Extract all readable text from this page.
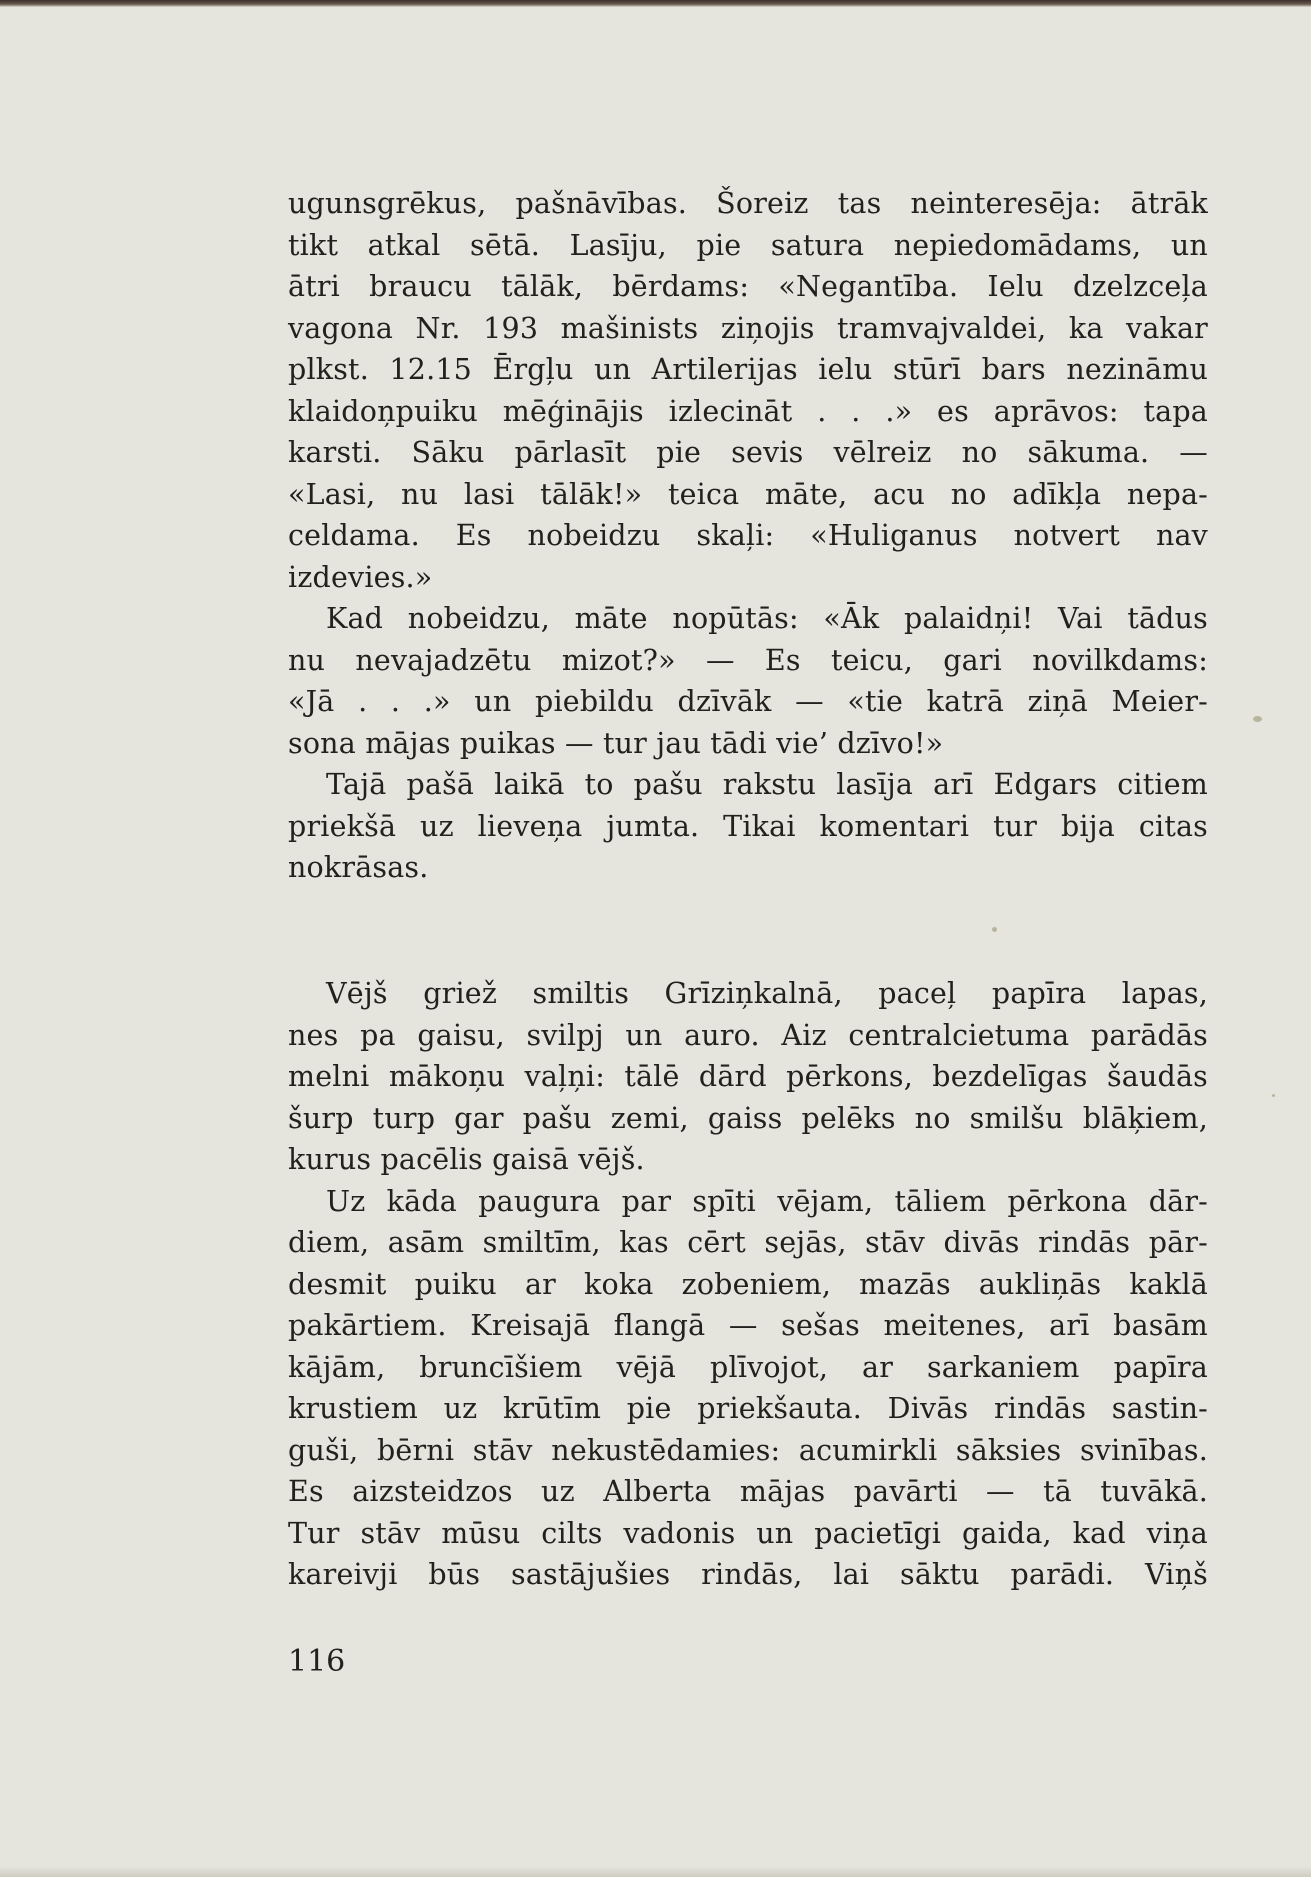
ugunsgrēkus, pašnāvības. Šoreiz tas neinteresēja: ātrāk
tikt atkal sētā. Lasīju, pie satura nepiedomādams, un
ātri braucu tālāk, bērdams: «Negantība. Ielu dzelzceļa
vagona Nr. 193 mašinists ziņojis tramvajvaldei, ka vakar
plkst. 12.15 Ērgļu un Artilerijas ielu stūrī bars nezināmu
klaidoņpuiku mēģinājis izlecināt . . .» es aprāvos: tapa
karsti. Sāku pārlasīt pie sevis vēlreiz no sākuma. —
«Lasi, nu lasi tālāk!» teica māte, acu no adīkļa nepa-
celdama. Es nobeidzu skaļi: «Huliganus notvert nav
izdevies.»
Kad nobeidzu, māte nopūtās: «Āk palaidņi! Vai tādus
nu nevajadzētu mizot?» — Es teicu, gari novilkdams:
«Jā . . .» un piebildu dzīvāk — «tie katrā ziņā Meier-
sona mājas puikas — tur jau tādi vie’ dzīvo!»
Tajā pašā laikā to pašu rakstu lasīja arī Edgars citiem
priekšā uz lieveņa jumta. Tikai komentari tur bija citas
nokrāsas.
Vējš griež smiltis Grīziņkalnā, paceļ papīra lapas,
nes pa gaisu, svilpj un auro. Aiz centralcietuma parādās
melni mākoņu vaļņi: tālē dārd pērkons, bezdelīgas šaudās
šurp turp gar pašu zemi, gaiss pelēks no smilšu blāķiem,
kurus pacēlis gaisā vējš.
Uz kāda paugura par spīti vējam, tāliem pērkona dār-
diem, asām smiltīm, kas cērt sejās, stāv divās rindās pār-
desmit puiku ar koka zobeniem, mazās aukliņās kaklā
pakārtiem. Kreisajā flangā — sešas meitenes, arī basām
kājām, bruncīšiem vējā plīvojot, ar sarkaniem papīra
krustiem uz krūtīm pie priekšauta. Divās rindās sastin-
guši, bērni stāv nekustēdamies: acumirkli sāksies svinības.
Es aizsteidzos uz Alberta mājas pavārti — tā tuvākā.
Tur stāv mūsu cilts vadonis un pacietīgi gaida, kad viņa
kareivji būs sastājušies rindās, lai sāktu parādi. Viņš
116
